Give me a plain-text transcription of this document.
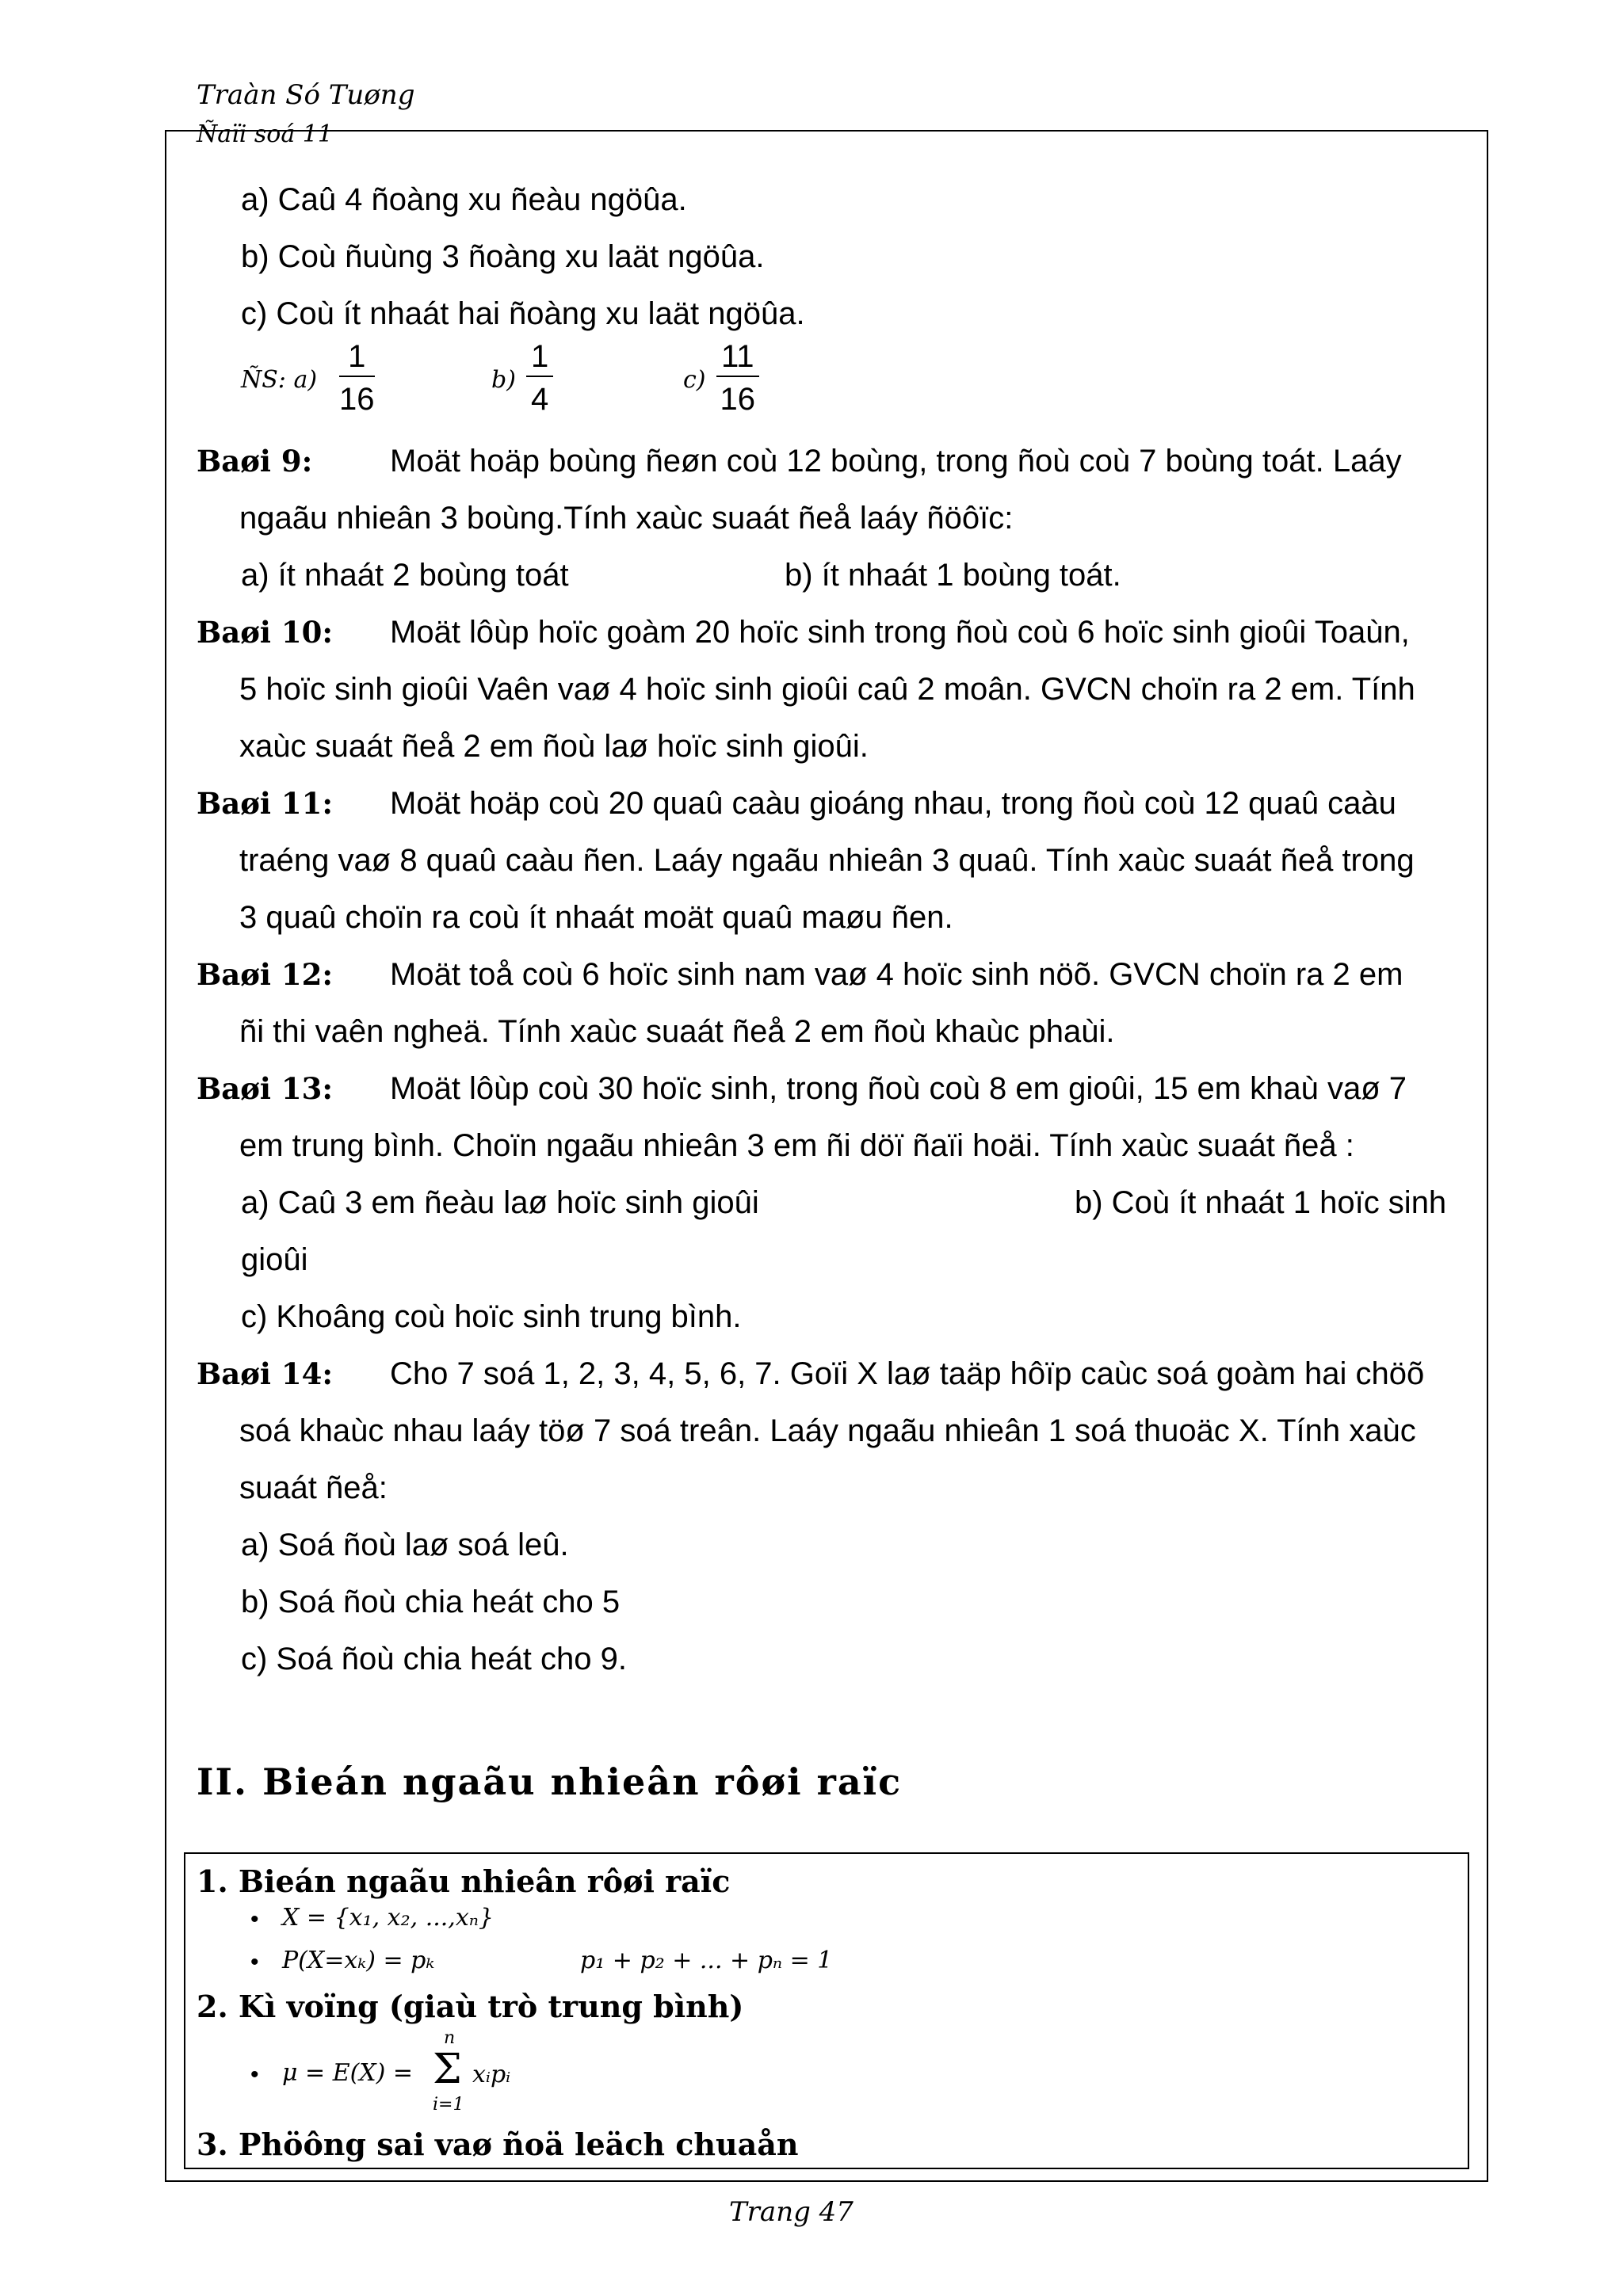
Traàn Só Tuøng
Ñaïi soá 11
a) Caû 4 ñoàng xu ñeàu ngöûa.
b) Coù ñuùng 3 ñoàng xu laät ngöûa.
c) Coù ít nhaát hai ñoàng xu laät ngöûa.
ÑS: $a) \frac{1}{16}$	$b) \frac{1}{4}$	$c) \frac{11}{16}$
Baøi 9: Moät hoäp boùng ñeøn coù 12 boùng, trong ñoù coù 7 boùng toát. Laáy
ngaãu nhieân 3 boùng.Tính xaùc suaát ñeå laáy ñöôïc:
a) ít nhaát 2 boùng toát	b) ít nhaát 1 boùng toát.
Baøi 10: Moät lôùp hoïc goàm 20 hoïc sinh trong ñoù coù 6 hoïc sinh gioûi Toaùn,
5 hoïc sinh gioûi Vaên vaø 4 hoïc sinh gioûi caû 2 moân. GVCN choïn ra 2 em. Tính
xaùc suaát ñeå 2 em ñoù laø hoïc sinh gioûi.
Baøi 11: Moät hoäp coù 20 quaû caàu gioáng nhau, trong ñoù coù 12 quaû caàu
traéng vaø 8 quaû caàu ñen. Laáy ngaãu nhieân 3 quaû. Tính xaùc suaát ñeå trong
3 quaû choïn ra coù ít nhaát moät quaû maøu ñen.
Baøi 12: Moät toå coù 6 hoïc sinh nam vaø 4 hoïc sinh nöõ. GVCN choïn ra 2 em
ñi thi vaên ngheä. Tính xaùc suaát ñeå 2 em ñoù khaùc phaùi.
Baøi 13: Moät lôùp coù 30 hoïc sinh, trong ñoù coù 8 em gioûi, 15 em khaù vaø 7
em trung bình. Choïn ngaãu nhieân 3 em ñi döï ñaïi hoäi. Tính xaùc suaát ñeå :
a) Caû 3 em ñeàu laø hoïc sinh gioûi	b) Coù ít nhaát 1 hoïc sinh
gioûi
c) Khoâng coù hoïc sinh trung bình.
Baøi 14: Cho 7 soá 1, 2, 3, 4, 5, 6, 7. Goïi X laø taäp hôïp caùc soá goàm hai chöõ
soá khaùc nhau laáy töø 7 soá treân. Laáy ngaãu nhieân 1 soá thuoäc X. Tính xaùc
suaát ñeå:
a) Soá ñoù laø soá leû.
b) Soá ñoù chia heát cho 5
c) Soá ñoù chia heát cho 9.
II. Bieán ngaãu nhieân rôøi raïc
1. Bieán ngaãu nhieân rôøi raïc
• X = {x₁, x₂, ...,xₙ}
• P(X=xₖ) = pₖ	p₁ + p₂ + ... + pₙ = 1
2. Kì voïng (giaù trò trung bình)
• μ = E(X) =
n
Σ
i=1
xᵢpᵢ
3. Phöông sai vaø ñoä leäch chuaån
Trang 47
